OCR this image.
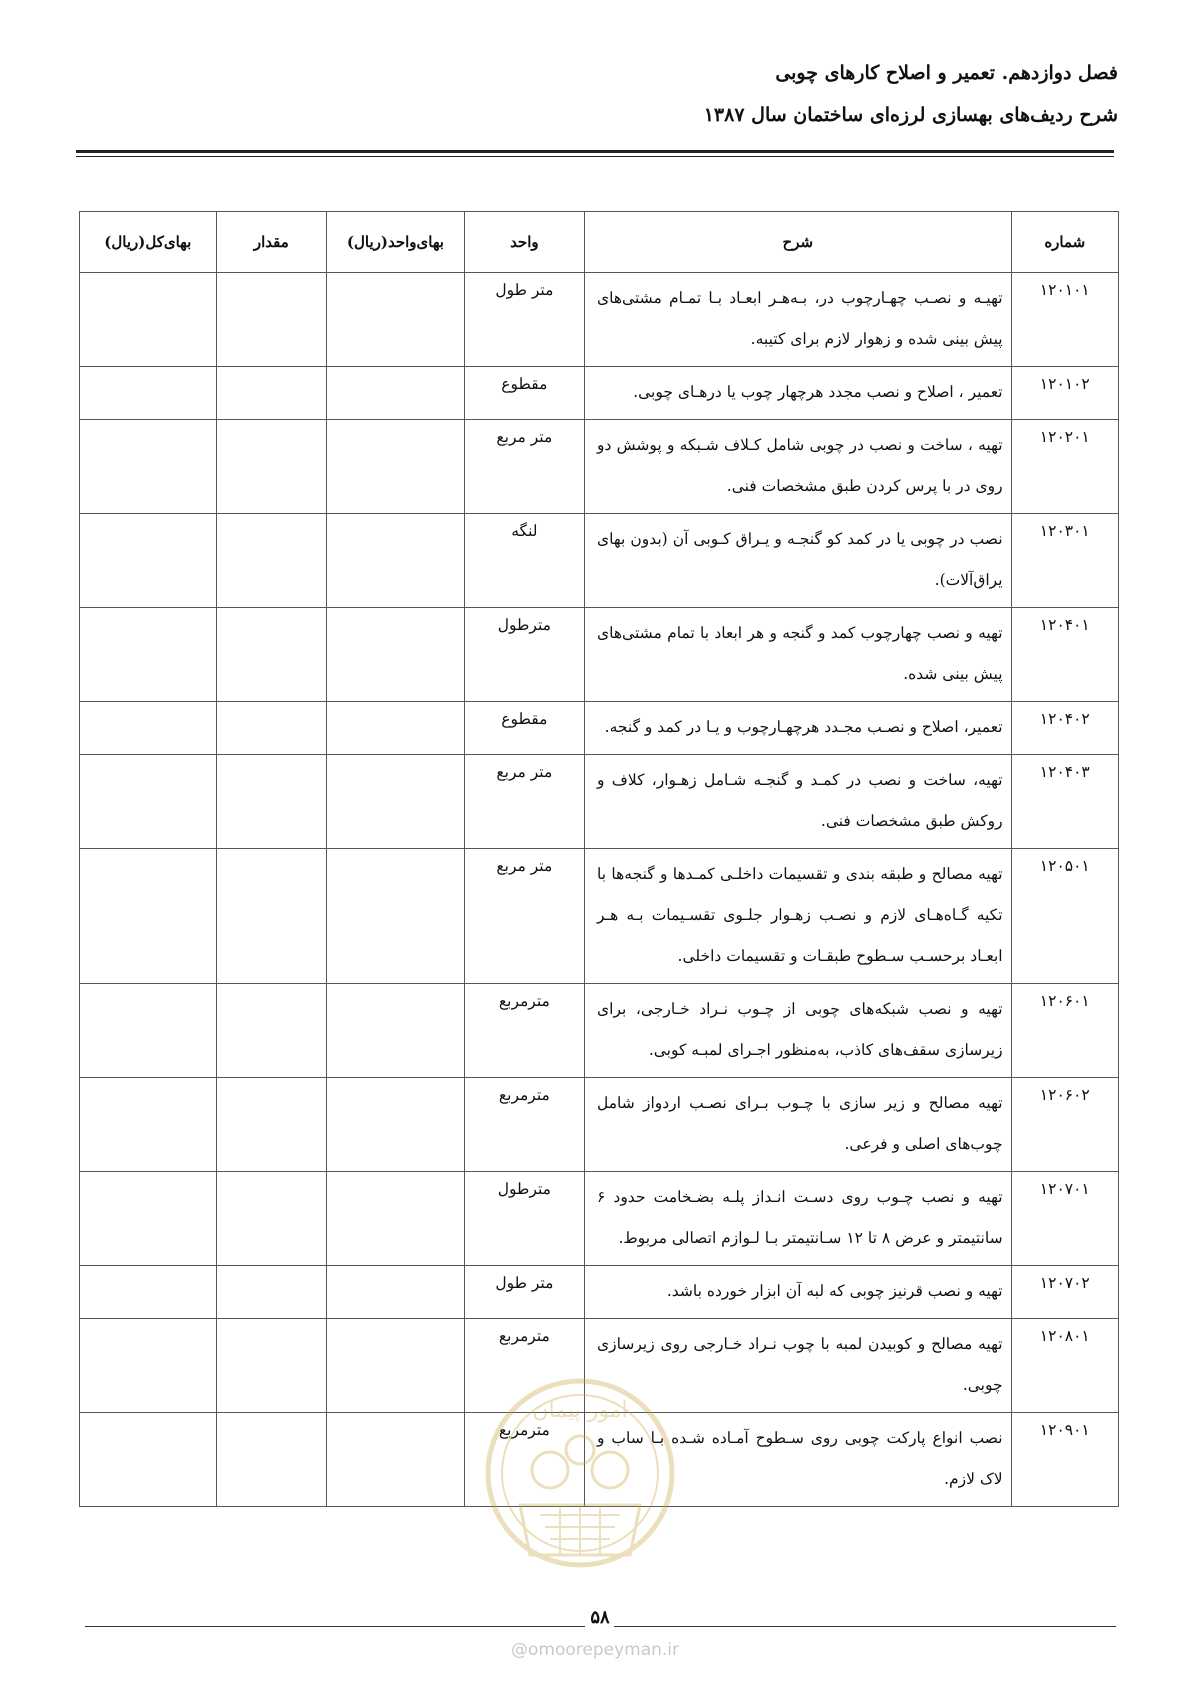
فصل دوازدهم. تعمیر و اصلاح کارهای چوبی
شرح ردیف‌های بهسازی لرزه‌ای ساختمان سال ۱۳۸۷
شماره	شرح	واحد	بهای‌واحد(ریال)	مقدار	بهای‌کل(ریال)
۱۲۰۱۰۱	تهیـه و نصـب چهـارچوب در، بـه‌هـر ابعـاد بـا تمـام مشتی‌های پیش بینی شده و زهوار لازم برای کتیبه.	متر طول			
۱۲۰۱۰۲	تعمیر ، اصلاح و نصب مجدد هرچهار چوب یا درهـای چوبی.	مقطوع			
۱۲۰۲۰۱	تهیه ، ساخت و نصب در چوبی شامل کـلاف شـبکه و پوشش دو روی در با پرس کردن طبق مشخصات فنی.	متر مربع			
۱۲۰۳۰۱	نصب در چوبی یا در کمد کو گنجـه و یـراق کـوبی آن (بدون بهای یراق‌آلات).	لنگه			
۱۲۰۴۰۱	تهیه و نصب چهارچوب کمد و گنجه و هر ابعاد با تمام مشتی‌های پیش بینی شده.	مترطول			
۱۲۰۴۰۲	تعمیر، اصلاح و نصـب مجـدد هرچهـارچوب و یـا در کمد و گنجه.	مقطوع			
۱۲۰۴۰۳	تهیه، ساخت و نصب در کمـد و گنجـه شـامل زهـوار، کلاف و روکش طبق مشخصات فنی.	متر مربع			
۱۲۰۵۰۱	تهیه مصالح و طبقه بندی و تقسیمات داخلـی کمـدها و گنجه‌ها با تکیه گـاه‌هـای لازم و نصـب زهـوار جلـوی تقسـیمات بـه هـر ابعـاد برحسـب سـطوح طبقـات و تقسیمات داخلی.	متر مربع			
۱۲۰۶۰۱	تهیه و نصب شبکه‌های چوبی از چـوب نـراد خـارجی، برای زیرسازی سقف‌های کاذب، به‌منظور اجـرای لمبـه کوبی.	مترمربع			
۱۲۰۶۰۲	تهیه مصالح و زیر سازی با چـوب بـرای نصـب اردواز شامل چوب‌های اصلی و فرعی.	مترمربع			
۱۲۰۷۰۱	تهیه و نصب چـوب روی دسـت انـداز پلـه بضـخامت حدود ۶ سانتیمتر و عرض ۸ تا ۱۲ سـانتیمتر بـا لـوازم اتصالی مربوط.	مترطول			
۱۲۰۷۰۲	تهیه و نصب قرنیز چوبی که لبه آن ابزار خورده باشد.	متر طول			
۱۲۰۸۰۱	تهیه مصالح و کوبیدن لمبه با چوب نـراد خـارجی روی زیرسازی چوبی.	مترمربع			
۱۲۰۹۰۱	نصب انواع پارکت چوبی روی سـطوح آمـاده شـده بـا ساب و لاک لازم.	مترمربع			
امور پیمان
۵۸
@omoorepeyman.ir
